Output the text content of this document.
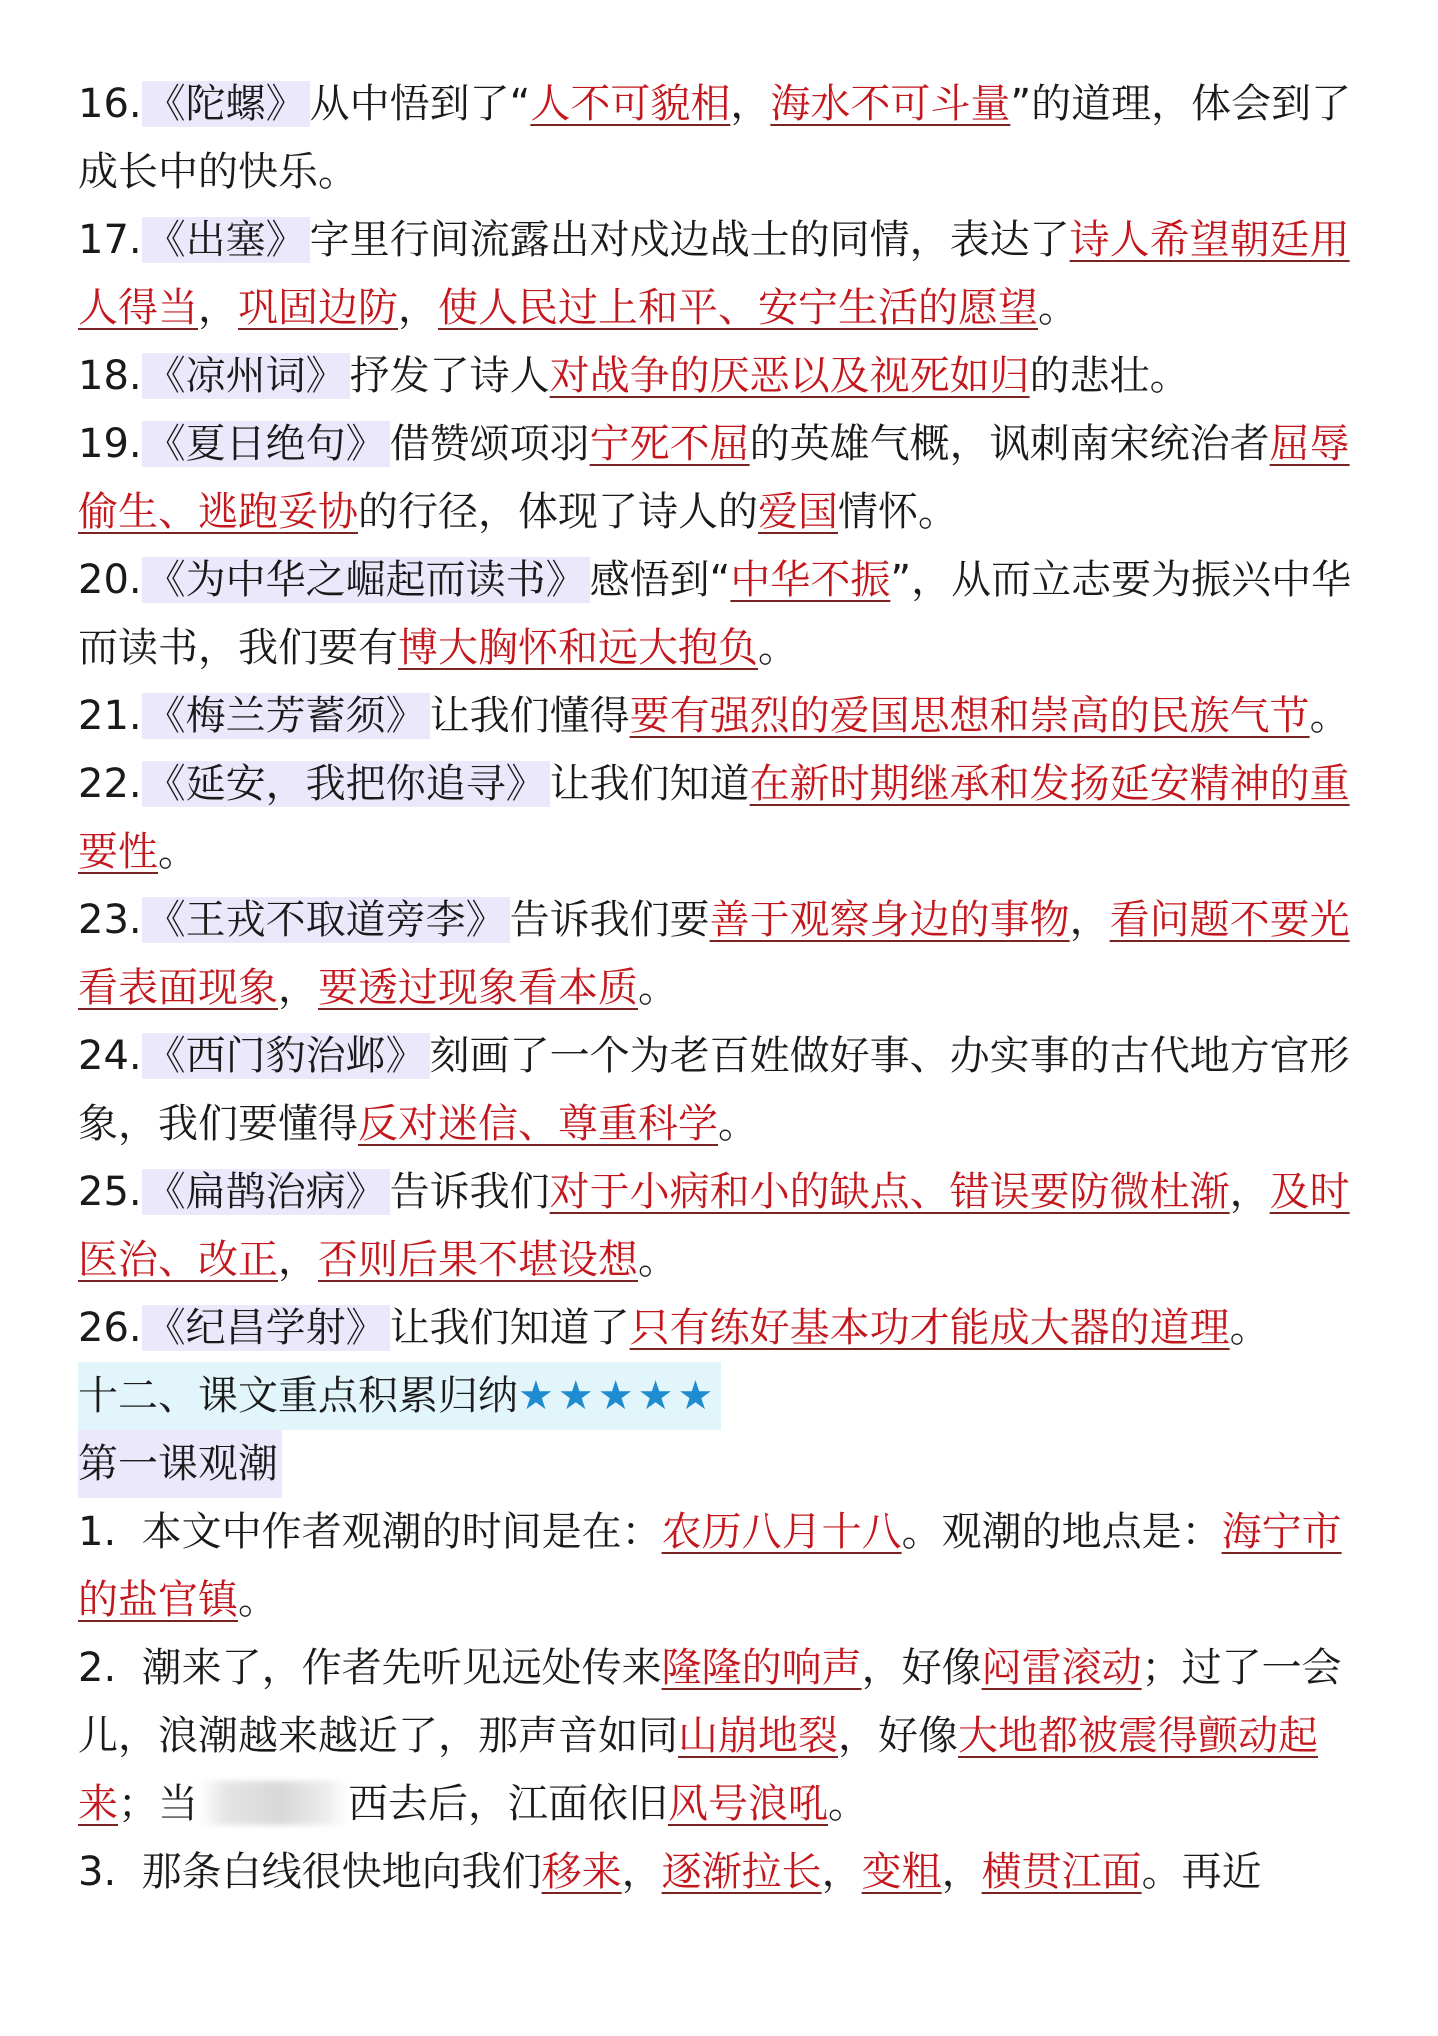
16. 《陀螺》 从中悟到了“人不可貌相，海水不可斗量”的道理，体会到了成长中的快乐。
17. 《出塞》 字里行间流露出对戍边战士的同情，表达了诗人希望朝廷用人得当，巩固边防，使人民过上和平、安宁生活的愿望。
18. 《凉州词》 抒发了诗人对战争的厌恶以及视死如归的悲壮。
19. 《夏日绝句》 借赞颂项羽宁死不屈的英雄气概，讽刺南宋统治者屈辱偷生、逃跑妥协的行径，体现了诗人的爱国情怀。
20. 《为中华之崛起而读书》 感悟到“中华不振”，从而立志要为振兴中华而读书，我们要有博大胸怀和远大抱负。
21. 《梅兰芳蓄须》 让我们懂得要有强烈的爱国思想和崇高的民族气节。
22. 《延安，我把你追寻》 让我们知道在新时期继承和发扬延安精神的重要性。
23. 《王戎不取道旁李》 告诉我们要善于观察身边的事物，看问题不要光看表面现象，要透过现象看本质。
24. 《西门豹治邺》 刻画了一个为老百姓做好事、办实事的古代地方官形象，我们要懂得反对迷信、尊重科学。
25. 《扁鹊治病》 告诉我们对于小病和小的缺点、错误要防微杜渐，及时医治、改正，否则后果不堪设想。
26. 《纪昌学射》 让我们知道了只有练好基本功才能成大器的道理。
十二、课文重点积累归纳★★★★★
第一课观潮
1.  本文中作者观潮的时间是在：农历八月十八。观潮的地点是：海宁市的盐官镇。
2.  潮来了，作者先听见远处传来隆隆的响声，好像闷雷滚动；过了一会儿，浪潮越来越近了，那声音如同山崩地裂，好像大地都被震得颤动起来；当	西去后，江面依旧风号浪吼。
3.  那条白线很快地向我们移来，逐渐拉长，变粗，横贯江面。再近
